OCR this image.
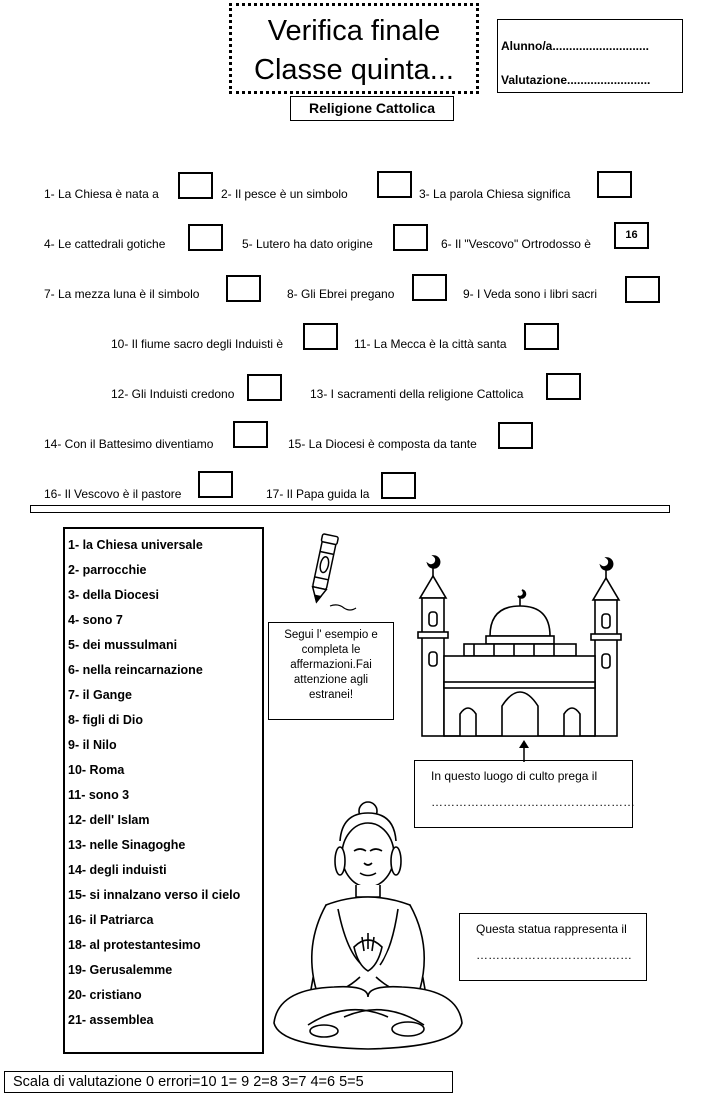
Verifica finale
Classe quinta...
Alunno/a.............................
Valutazione.........................
Religione Cattolica
1- La Chiesa è nata a	2- Il pesce è un simbolo	3- La parola Chiesa significa
4- Le cattedrali gotiche	5- Lutero ha dato origine	6- Il "Vescovo" Ortrodosso è
16
7- La mezza luna è il simbolo	8- Gli Ebrei pregano	9- I Veda sono i libri sacri
10- Il fiume sacro degli Induisti è	11- La Mecca è la città santa
12- Gli Induisti credono	13- I sacramenti della religione Cattolica
14- Con il Battesimo diventiamo	15- La Diocesi è composta da tante
16- Il Vescovo è il pastore	17- Il Papa guida la
1- la Chiesa universale
2- parrocchie
3- della Diocesi
4- sono 7
5- dei mussulmani
6- nella reincarnazione
7- il Gange
8- figli di Dio
9- il Nilo
10- Roma
11- sono 3
12- dell' Islam
13- nelle Sinagoghe
14- degli induisti
15- si innalzano verso il cielo
16- il Patriarca
18- al protestantesimo
19- Gerusalemme
20- cristiano
21- assemblea
Segui l' esempio e completa le affermazioni.Fai attenzione agli estranei!
In questo luogo di culto prega il
……………………………………………
Questa statua rappresenta il
…………………………………
Scala di valutazione 0 errori=10 1= 9 2=8 3=7 4=6 5=5
